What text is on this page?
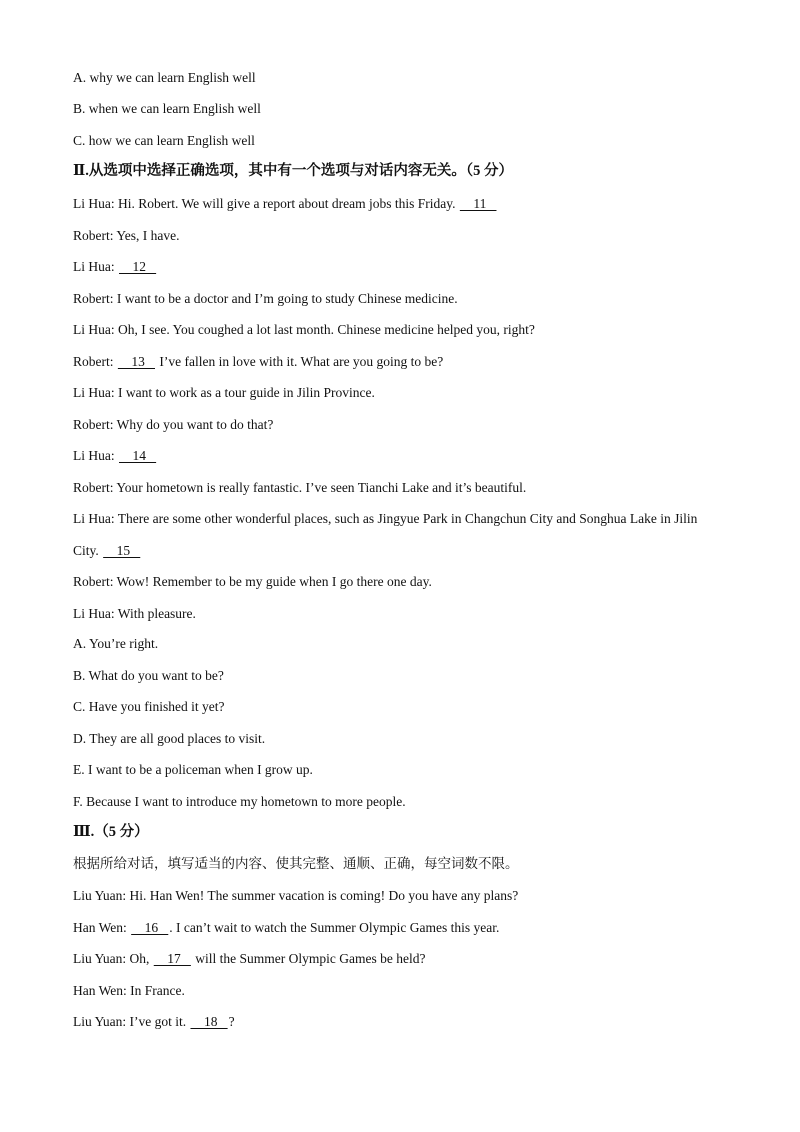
A. why we can learn English well
B. when we can learn English well
C. how we can learn English well
Ⅱ.从选项中选择正确选项，其中有一个选项与对话内容无关。（5 分）
Li Hua: Hi. Robert. We will give a report about dream jobs this Friday.     11
Robert: Yes, I have.
Li Hua:     12
Robert: I want to be a doctor and I’m going to study Chinese medicine.
Li Hua: Oh, I see. You coughed a lot last month. Chinese medicine helped you, right?
Robert:     13    I’ve fallen in love with it. What are you going to be?
Li Hua: I want to work as a tour guide in Jilin Province.
Robert: Why do you want to do that?
Li Hua:     14
Robert: Your hometown is really fantastic. I’ve seen Tianchi Lake and it’s beautiful.
Li Hua: There are some other wonderful places, such as Jingyue Park in Changchun City and Songhua Lake in Jilin
City.     15
Robert: Wow! Remember to be my guide when I go there one day.
Li Hua: With pleasure.
A. You’re right.
B. What do you want to be?
C. Have you finished it yet?
D. They are all good places to visit.
E. I want to be a policeman when I grow up.
F. Because I want to introduce my hometown to more people.
Ⅲ.（5 分）
根据所给对话，填写适当的内容、使其完整、通顺、正确，每空词数不限。
Liu Yuan: Hi. Han Wen! The summer vacation is coming! Do you have any plans?
Han Wen:     16   . I can’t wait to watch the Summer Olympic Games this year.
Liu Yuan: Oh,     17    will the Summer Olympic Games be held?
Han Wen: In France.
Liu Yuan: I’ve got it.     18   ?
